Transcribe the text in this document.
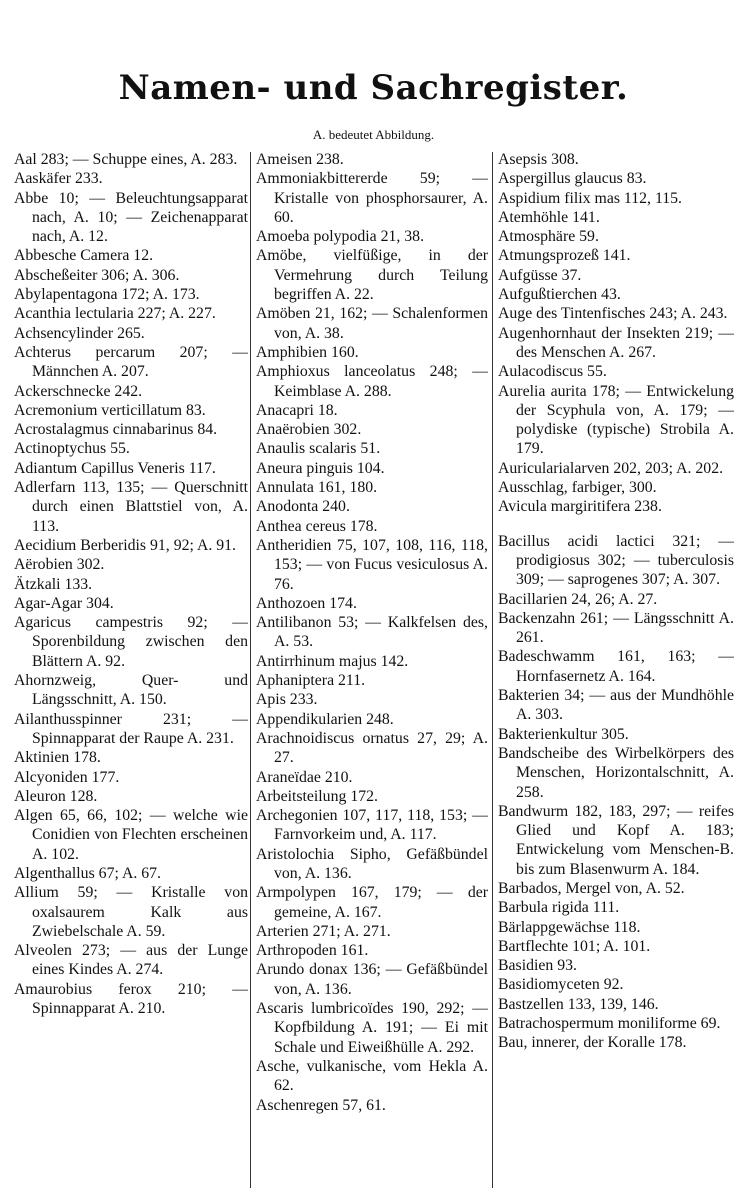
Namen- und Sachregister.
A. bedeutet Abbildung.

Aal 283; — Schuppe eines, A. 283.

Aaskäfer 233.

Abbe 10; — Beleuchtungsapparat nach, A. 10; — Zeichenapparat nach, A. 12.

Abbesche Camera 12.

Abscheßeiter 306; A. 306.

Abylapentagona 172; A. 173.

Acanthia lectularia 227; A. 227.

Achsencylinder 265.

Achterus percarum 207; — Männchen A. 207.

Ackerschnecke 242.

Acremonium verticillatum 83.

Acrostalagmus cinnabarinus 84.

Actinoptychus 55.

Adiantum Capillus Veneris 117.

Adlerfarn 113, 135; — Querschnitt durch einen Blattstiel von, A. 113.

Aecidium Berberidis 91, 92; A. 91.

Aërobien 302.

Ätzkali 133.

Agar-Agar 304.

Agaricus campestris 92; — Sporenbildung zwischen den Blättern A. 92.

Ahornzweig, Quer- und Längsschnitt, A. 150.

Ailanthusspinner 231; — Spinnapparat der Raupe A. 231.

Aktinien 178.

Alcyoniden 177.

Aleuron 128.

Algen 65, 66, 102; — welche wie Conidien von Flechten erscheinen A. 102.

Algenthallus 67; A. 67.

Allium 59; — Kristalle von oxalsaurem Kalk aus Zwiebelschale A. 59.

Alveolen 273; — aus der Lunge eines Kindes A. 274.

Amaurobius ferox 210; — Spinnapparat A. 210.

Ameisen 238.

Ammoniakbittererde 59; — Kristalle von phosphorsaurer, A. 60.

Amoeba polypodia 21, 38.

Amöbe, vielfüßige, in der Vermehrung durch Teilung begriffen A. 22.

Amöben 21, 162; — Schalenformen von, A. 38.

Amphibien 160.

Amphioxus lanceolatus 248; — Keimblase A. 288.

Anacapri 18.

Anaërobien 302.

Anaulis scalaris 51.

Aneura pinguis 104.

Annulata 161, 180.

Anodonta 240.

Anthea cereus 178.

Antheridien 75, 107, 108, 116, 118, 153; — von Fucus vesiculosus A. 76.

Anthozoen 174.

Antilibanon 53; — Kalkfelsen des, A. 53.

Antirrhinum majus 142.

Aphaniptera 211.

Apis 233.

Appendikularien 248.

Arachnoidiscus ornatus 27, 29; A. 27.

Araneïdae 210.

Arbeitsteilung 172.

Archegonien 107, 117, 118, 153; — Farnvorkeim und, A. 117.

Aristolochia Sipho, Gefäßbündel von, A. 136.

Armpolypen 167, 179; — der gemeine, A. 167.

Arterien 271; A. 271.

Arthropoden 161.

Arundo donax 136; — Gefäßbündel von, A. 136.

Ascaris lumbricoïdes 190, 292; — Kopfbildung A. 191; — Ei mit Schale und Eiweißhülle A. 292.

Asche, vulkanische, vom Hekla A. 62.

Aschenregen 57, 61.

Asepsis 308.

Aspergillus glaucus 83.

Aspidium filix mas 112, 115.

Atemhöhle 141.

Atmosphäre 59.

Atmungsprozeß 141.

Aufgüsse 37.

Aufgußtierchen 43.

Auge des Tintenfisches 243; A. 243.

Augenhornhaut der Insekten 219; — des Menschen A. 267.

Aulacodiscus 55.

Aurelia aurita 178; — Entwickelung der Scyphula von, A. 179; — polydiske (typische) Strobila A. 179.

Auricularialarven 202, 203; A. 202.

Ausschlag, farbiger, 300.

Avicula margiritifera 238.

Bacillus acidi lactici 321; — prodigiosus 302; — tuberculosis 309; — saprogenes 307; A. 307.

Bacillarien 24, 26; A. 27.

Backenzahn 261; — Längsschnitt A. 261.

Badeschwamm 161, 163; — Hornfasernetz A. 164.

Bakterien 34; — aus der Mundhöhle A. 303.

Bakterienkultur 305.

Bandscheibe des Wirbelkörpers des Menschen, Horizontalschnitt, A. 258.

Bandwurm 182, 183, 297; — reifes Glied und Kopf A. 183; Entwickelung vom Menschen-B. bis zum Blasenwurm A. 184.

Barbados, Mergel von, A. 52.

Barbula rigida 111.

Bärlappgewächse 118.

Bartflechte 101; A. 101.

Basidien 93.

Basidiomyceten 92.

Bastzellen 133, 139, 146.

Batrachospermum moniliforme 69.

Bau, innerer, der Koralle 178.
